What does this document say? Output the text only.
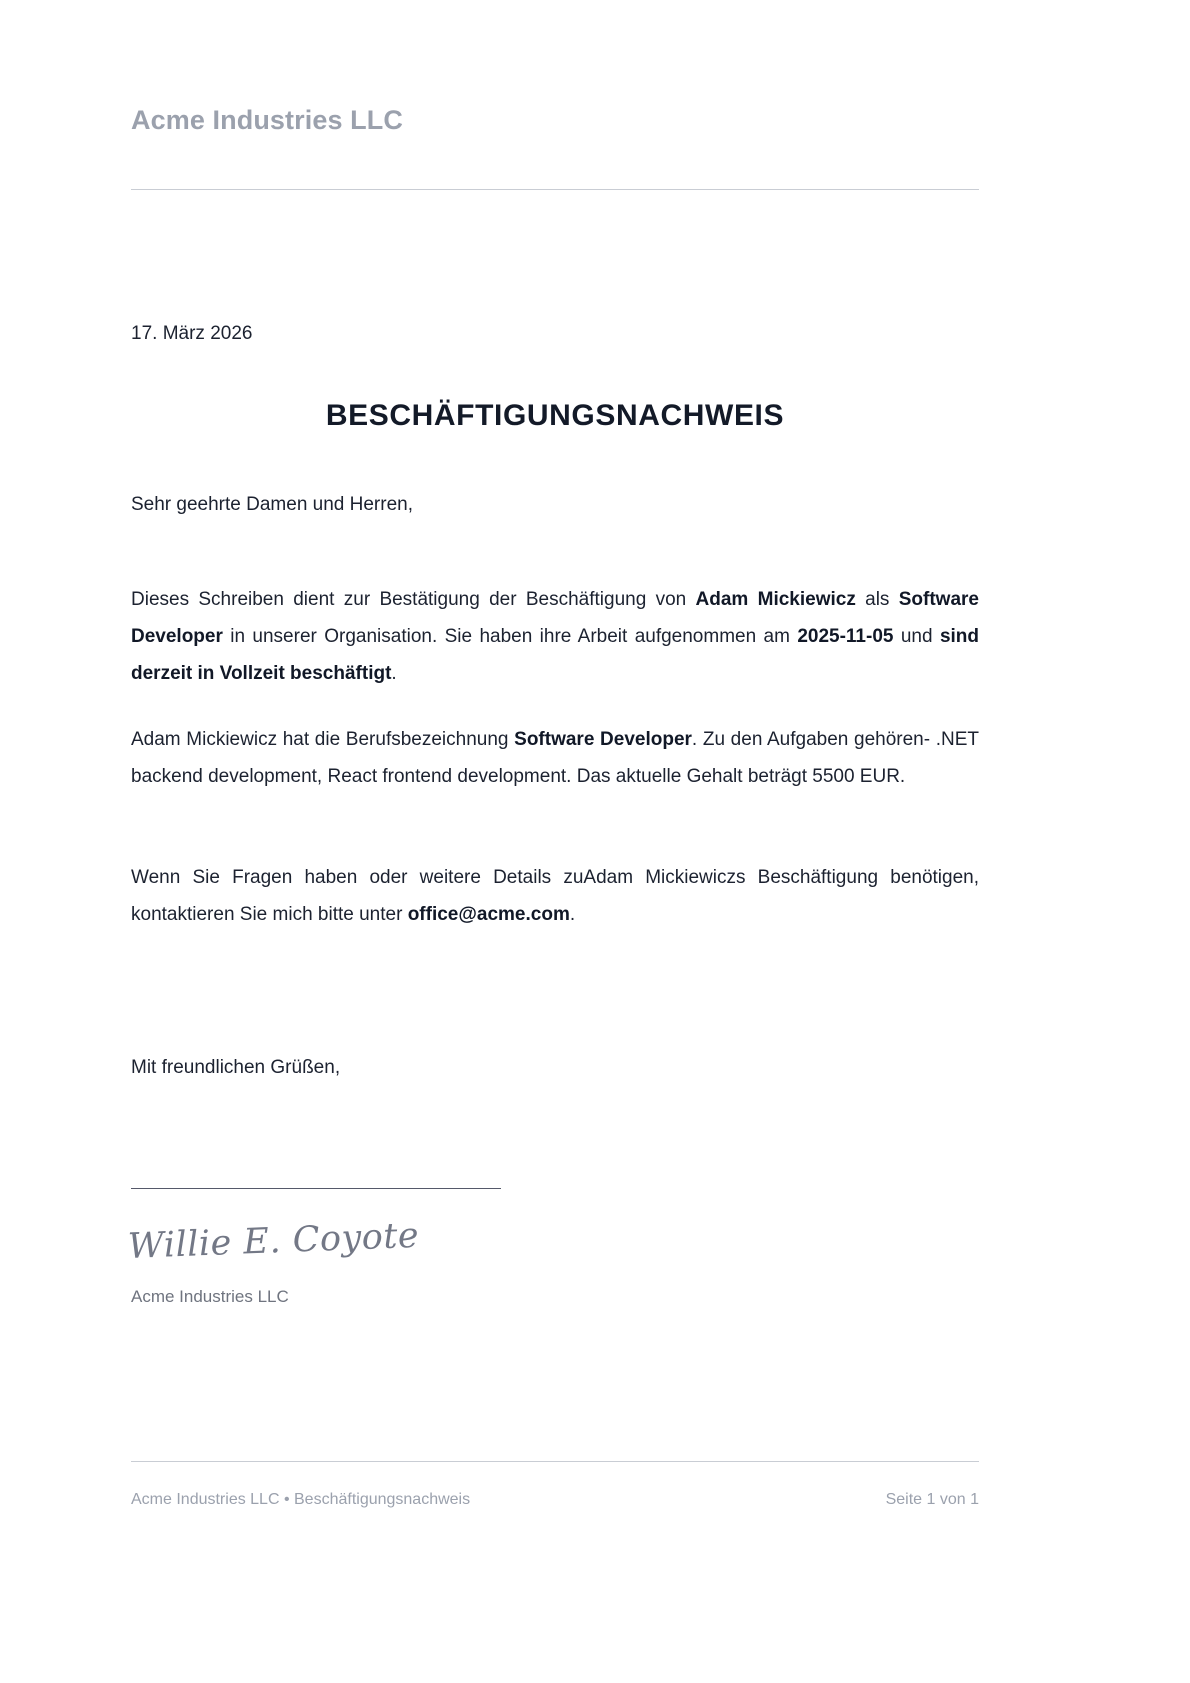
Acme Industries LLC
17. März 2026
BESCHÄFTIGUNGSNACHWEIS
Sehr geehrte Damen und Herren,

Dieses Schreiben dient zur Bestätigung der Beschäftigung von Adam Mickiewicz als Software Developer in unserer Organisation. Sie haben ihre Arbeit aufgenommen am 2025-11-05 und sind derzeit in Vollzeit beschäftigt.

Adam Mickiewicz hat die Berufsbezeichnung Software Developer. Zu den Aufgaben gehören- .NET backend development, React frontend development. Das aktuelle Gehalt beträgt 5500 EUR.

Wenn Sie Fragen haben oder weitere Details zuAdam Mickiewiczs Beschäftigung benötigen, kontaktieren Sie mich bitte unter office@acme.com.

Mit freundlichen Grüßen,
Willie E. Coyote
Acme Industries LLC
Acme Industries LLC • Beschäftigungsnachweis	Seite 1 von 1
